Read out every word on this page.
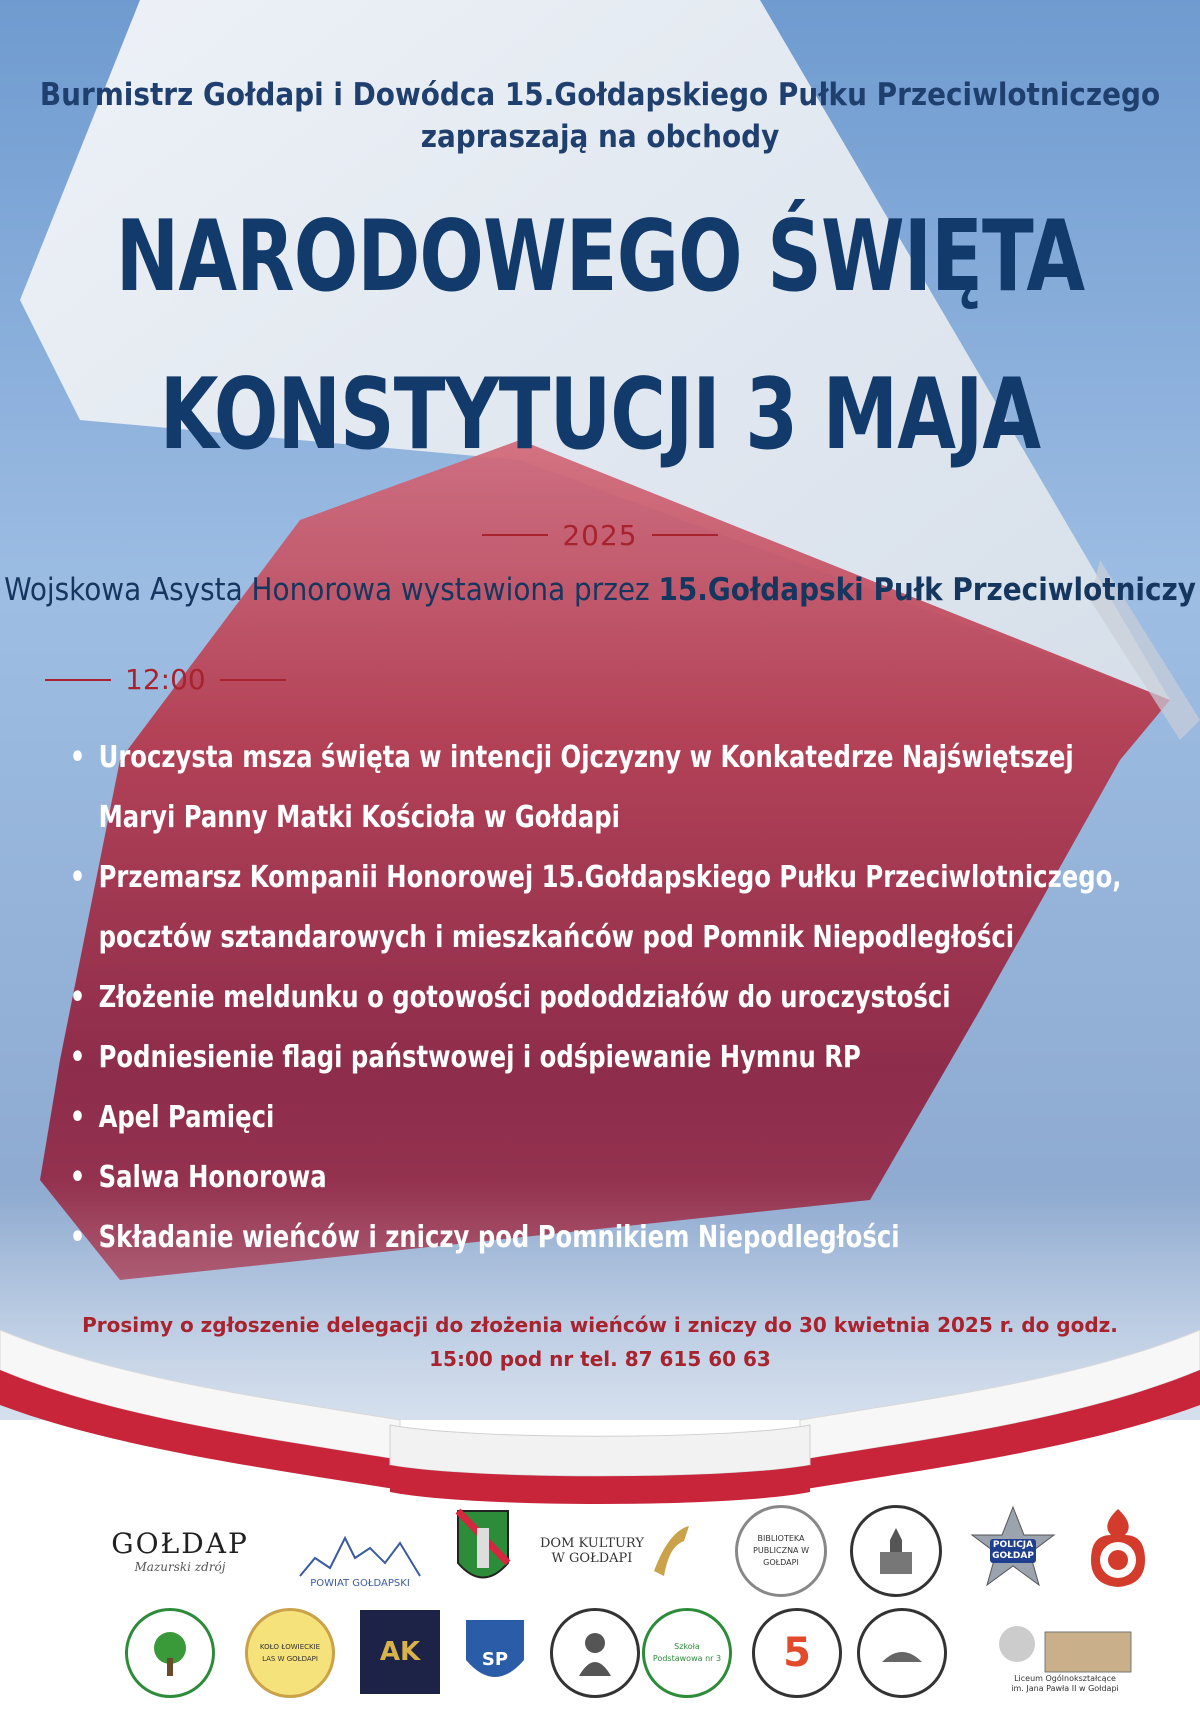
Burmistrz Gołdapi i Dowódca 15.Gołdapskiego Pułku Przeciwlotniczego
zapraszają na obchody
NARODOWEGO ŚWIĘTA
KONSTYTUCJI 3 MAJA
2025
Wojskowa Asysta Honorowa wystawiona przez 15.Gołdapski Pułk Przeciwlotniczy
12:00
• Uroczysta msza święta w intencji Ojczyzny w Konkatedrze Najświętszej
Maryi Panny Matki Kościoła w Gołdapi
• Przemarsz Kompanii Honorowej 15.Gołdapskiego Pułku Przeciwlotniczego,
pocztów sztandarowych i mieszkańców pod Pomnik Niepodległości
• Złożenie meldunku o gotowości pododdziałów do uroczystości
• Podniesienie flagi państwowej i odśpiewanie Hymnu RP
• Apel Pamięci
• Salwa Honorowa
• Składanie wieńców i zniczy pod Pomnikiem Niepodległości
Prosimy o zgłoszenie delegacji do złożenia wieńców i zniczy do 30 kwietnia 2025 r. do godz.
15:00 pod nr tel. 87 615 60 63
GOŁDAP
Mazurski zdrój
POWIAT GOŁDAPSKI
DOM KULTURY
W GOŁDAPI
BIBLIOTEKA PUBLICZNA W GOŁDAPI
POLICJA
GOŁDAP
KOŁO ŁOWIECKIE LAS W GOŁDAPI AK	SP
Szkoła Podstawowa nr 3 5
Liceum Ogólnokształcące
im. Jana Pawła II w Gołdapi
